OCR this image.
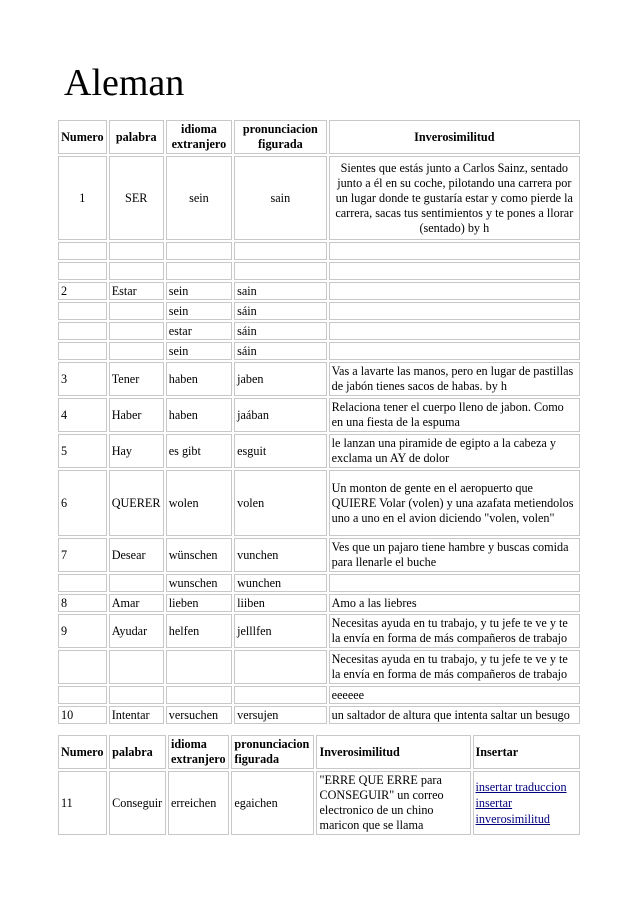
Aleman
Numero	palabra	idioma extranjero	pronunciacion figurada	Inverosimilitud
1	SER	sein	sain	Sientes que estás junto a Carlos Sainz, sentado junto a él en su coche, pilotando una carrera por un lugar donde te gustaría estar y como pierde la carrera, sacas tus sentimientos y te pones a llorar (sentado) by h

2	Estar	sein	sain	
		sein	sáin	
		estar	sáin	
		sein	sáin	
3	Tener	haben	jaben	Vas a lavarte las manos, pero en lugar de pastillas de jabón tienes sacos de habas. by h
4	Haber	haben	jaában	Relaciona tener el cuerpo lleno de jabon. Como en una fiesta de la espuma
5	Hay	es gibt	esguit	le lanzan una piramide de egipto a la cabeza y exclama un AY de dolor
6	QUERER	wolen	volen	Un monton de gente en el aeropuerto que QUIERE Volar (volen) y una azafata metiendolos uno a uno en el avion diciendo "volen, volen"
7	Desear	wünschen	vunchen	Ves que un pajaro tiene hambre y buscas comida para llenarle el buche
		wunschen	wunchen	
8	Amar	lieben	liiben	Amo a las liebres
9	Ayudar	helfen	jelllfen	Necesitas ayuda en tu trabajo, y tu jefe te ve y te la envía en forma de más compañeros de trabajo
				Necesitas ayuda en tu trabajo, y tu jefe te ve y te la envía en forma de más compañeros de trabajo
				eeeeee
10	Intentar	versuchen	versujen	un saltador de altura que intenta saltar un besugo
Numero	palabra	idioma extranjero	pronunciacion figurada	Inverosimilitud	Insertar
11	Conseguir	erreichen	egaichen	"ERRE QUE ERRE para CONSEGUIR" un correo electronico de un chino maricon que se llama	insertar traduccion
insertar
inverosimilitud
